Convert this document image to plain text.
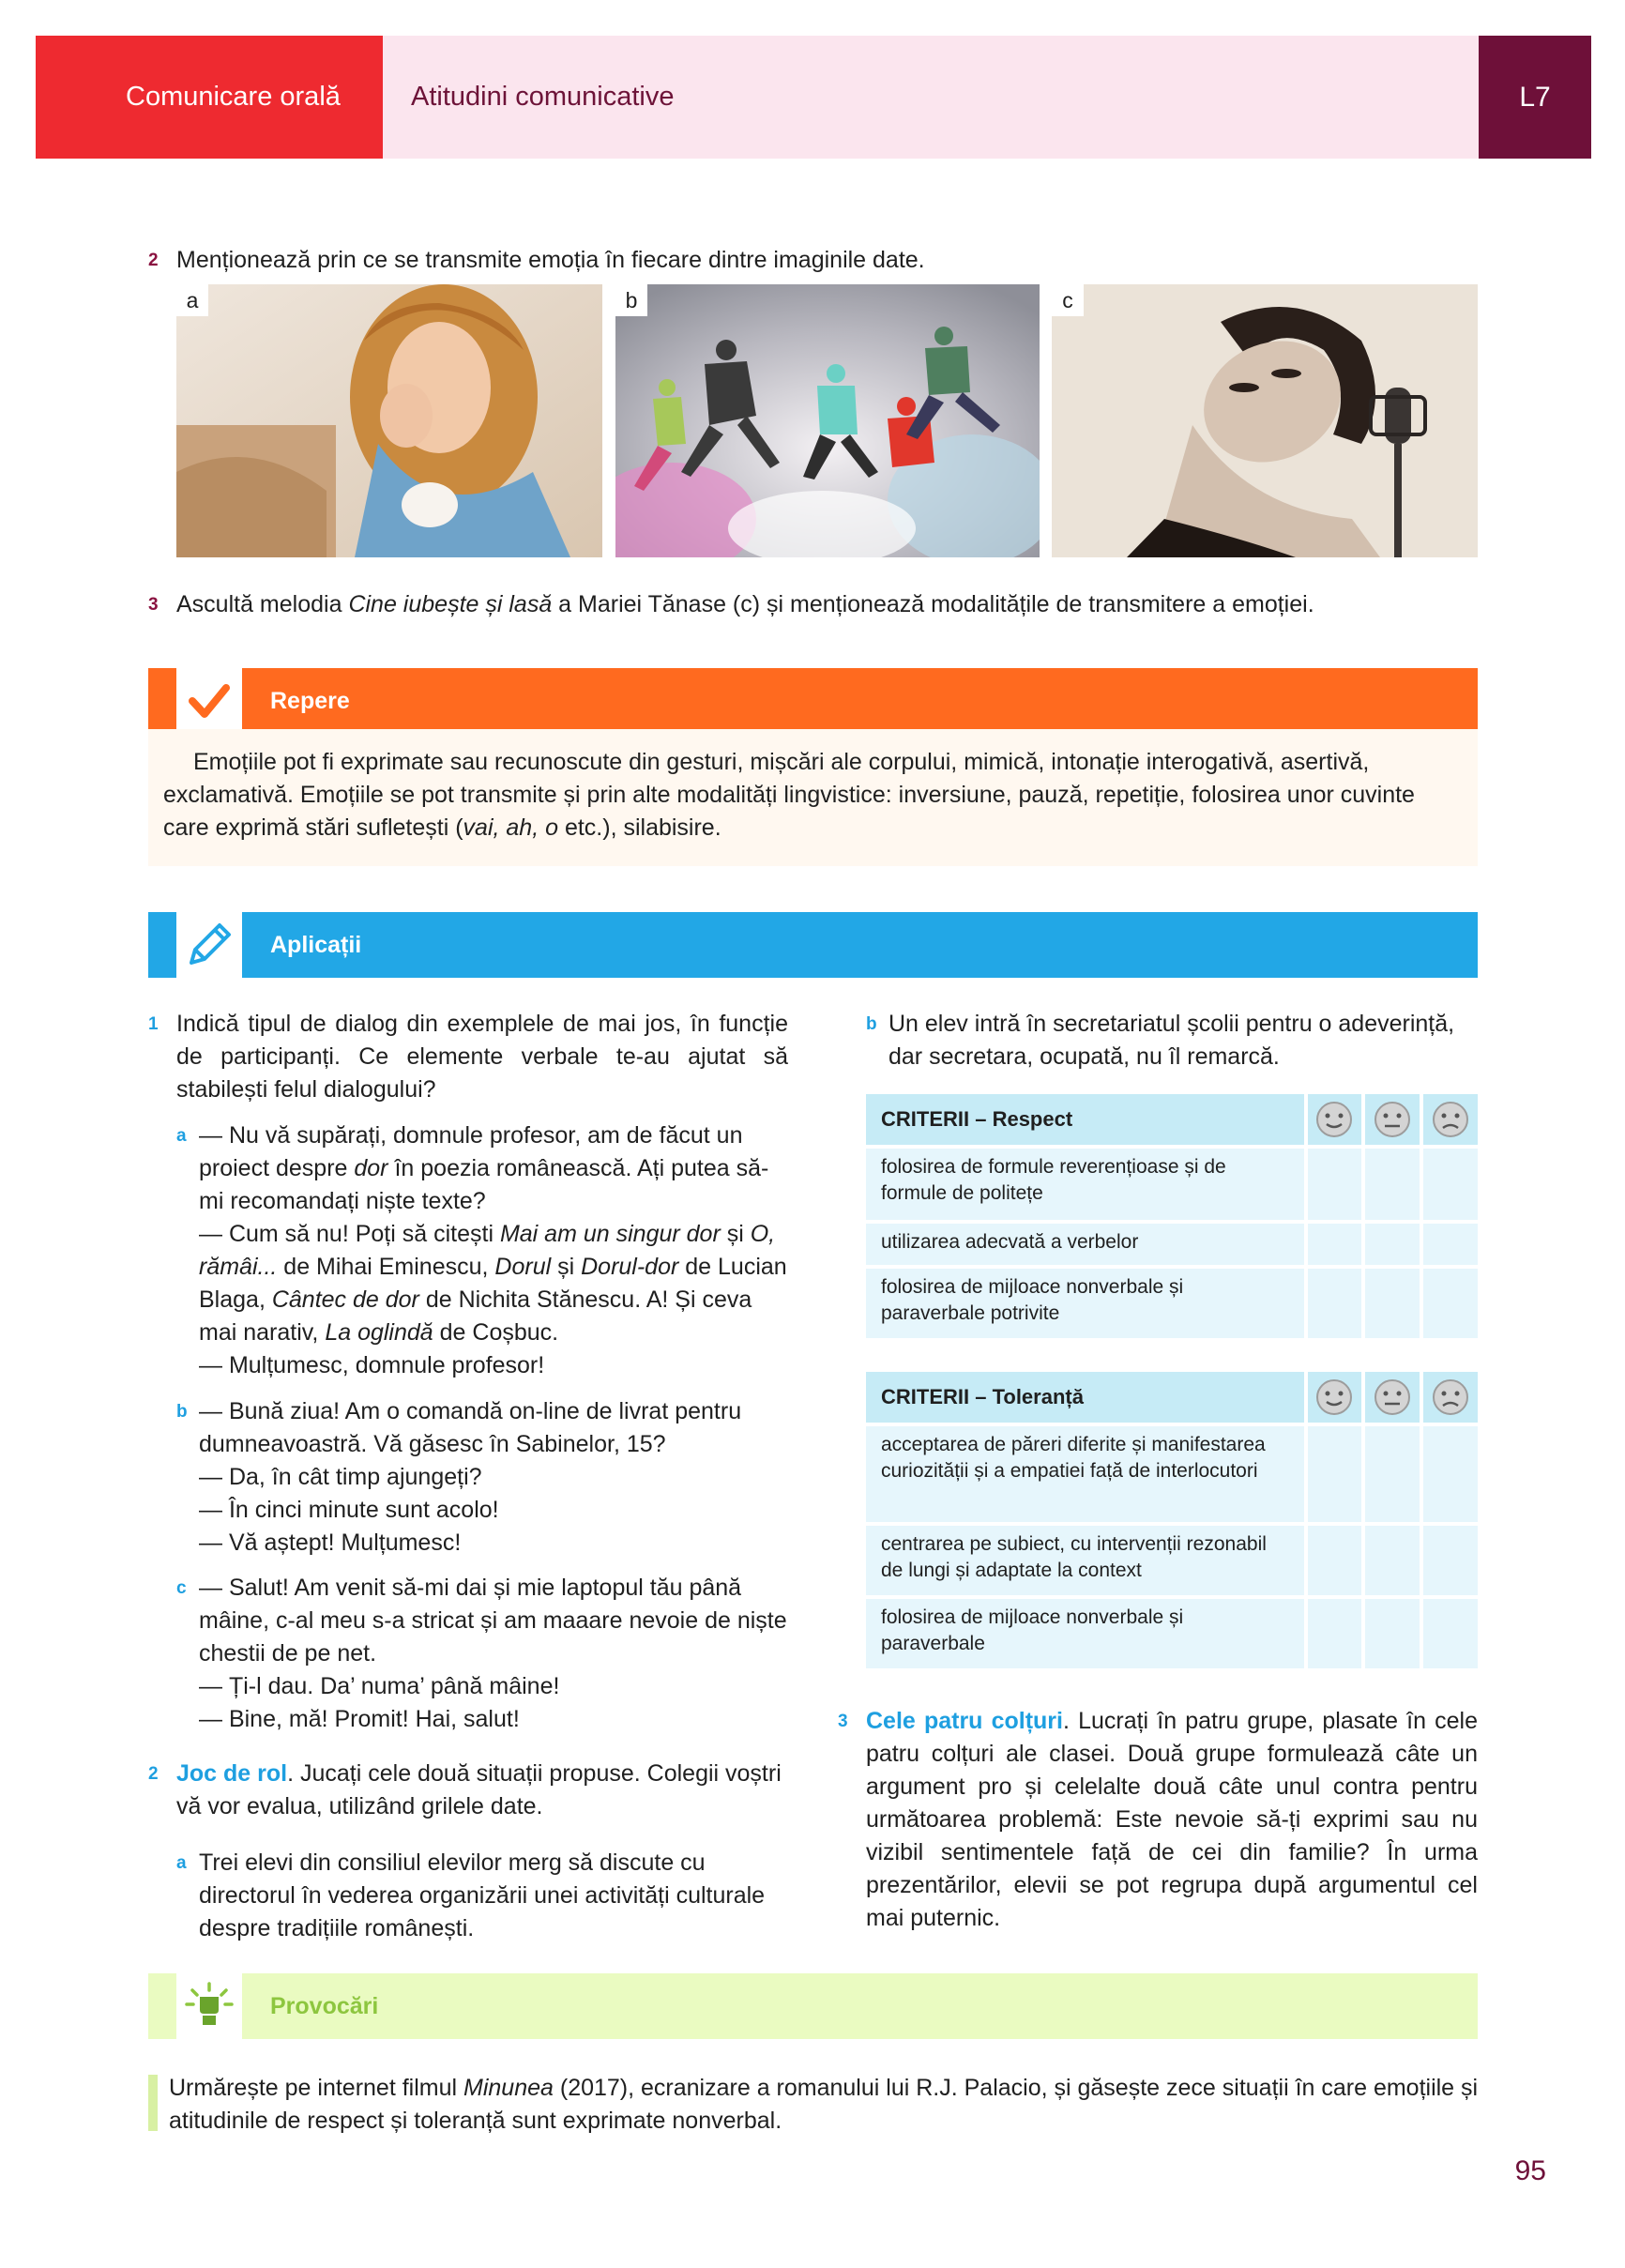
Comunicare orală	Atitudini comunicative	L7
2 Menționează prin ce se transmite emoția în fiecare dintre imaginile date.
a	b	c
3 Ascultă melodia Cine iubește și lasă a Mariei Tănase (c) și menționează modalitățile de transmitere a emoției.
Repere
Emoțiile pot fi exprimate sau recunoscute din gesturi, mișcări ale corpului, mimică, intonație interogativă, asertivă, exclamativă. Emoțiile se pot transmite și prin alte modalități lingvistice: inversiune, pauză, repetiție, folosirea unor cuvinte care exprimă stări sufletești (vai, ah, o etc.), silabisire.
Aplicații
1 Indică tipul de dialog din exemplele de mai jos, în funcție de participanți. Ce elemente verbale te-au ajutat să stabilești felul dialogului?
a — Nu vă supărați, domnule profesor, am de făcut un proiect despre dor în poezia românească. Ați putea să-mi recomandați niște texte?
— Cum să nu! Poți să citești Mai am un singur dor și O, rămâi... de Mihai Eminescu, Dorul și Dorul-dor de Lucian Blaga, Cântec de dor de Nichita Stănescu. A! Și ceva mai narativ, La oglindă de Coșbuc.
— Mulțumesc, domnule profesor!
b — Bună ziua! Am o comandă on-line de livrat pentru dumneavoastră. Vă găsesc în Sabinelor, 15?
— Da, în cât timp ajungeți?
— În cinci minute sunt acolo!
— Vă aștept! Mulțumesc!
c — Salut! Am venit să-mi dai și mie laptopul tău până mâine, c-al meu s-a stricat și am maaare nevoie de niște chestii de pe net.
— Ți-l dau. Da’ numa’ până mâine!
— Bine, mă! Promit! Hai, salut!
2 Joc de rol. Jucați cele două situații propuse. Colegii voștri vă vor evalua, utilizând grilele date.
a Trei elevi din consiliul elevilor merg să discute cu directorul în vederea organizării unei activități culturale despre tradițiile românești.
b Un elev intră în secretariatul școlii pentru o adeverință, dar secretara, ocupată, nu îl remarcă.
CRITERII – Respect
folosirea de formule reverențioase și de formule de politețe
utilizarea adecvată a verbelor
folosirea de mijloace nonverbale și paraverbale potrivite
CRITERII – Toleranță
acceptarea de păreri diferite și manifestarea curiozității și a empatiei față de interlocutori
centrarea pe subiect, cu intervenții rezonabil de lungi și adaptate la context
folosirea de mijloace nonverbale și paraverbale
3 Cele patru colțuri. Lucrați în patru grupe, plasate în cele patru colțuri ale clasei. Două grupe formulează câte un argument pro și celelalte două câte unul contra pentru următoarea problemă: Este nevoie să-ți exprimi sau nu vizibil sentimentele față de cei din familie? În urma prezentărilor, elevii se pot regrupa după argumentul cel mai puternic.
Provocări
Urmărește pe internet filmul Minunea (2017), ecranizare a romanului lui R.J. Palacio, și găsește zece situații în care emoțiile și atitudinile de respect și toleranță sunt exprimate nonverbal.
95
